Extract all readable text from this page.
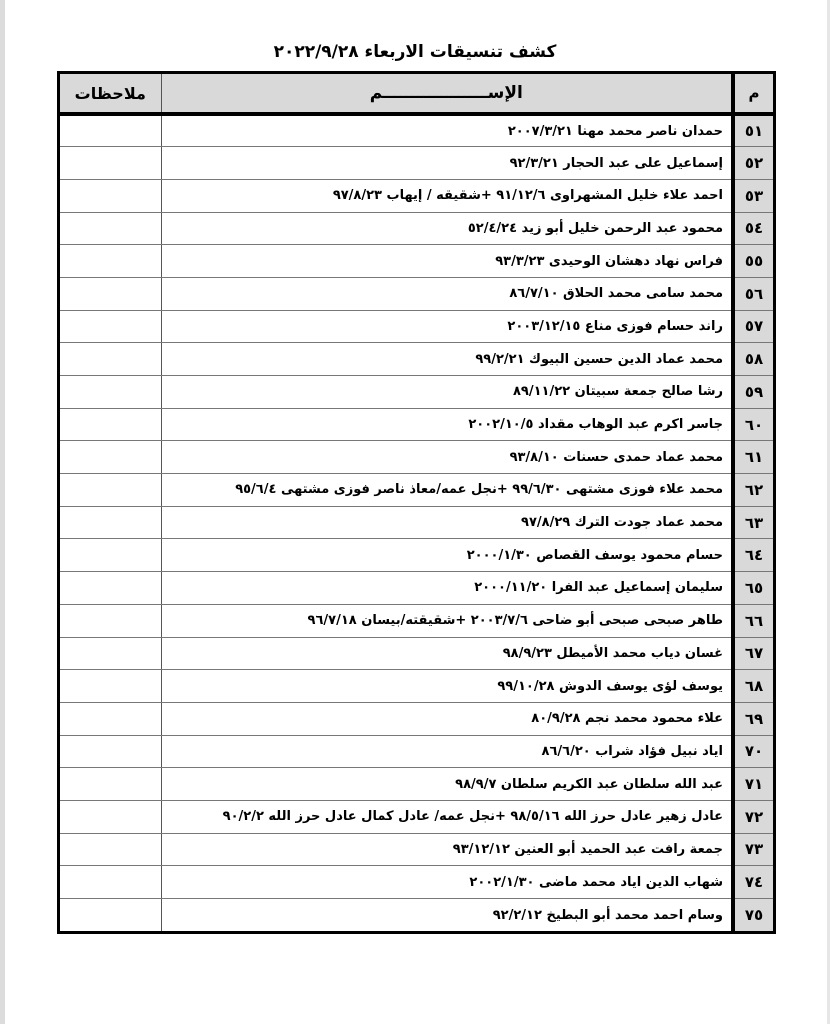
كشف تنسيقات الاربعاء ٢٠٢٢/٩/٢٨
م	الإســــــــــــــــــم	ملاحظات
٥١	حمدان ناصر محمد مهنا ٢٠٠٧/٣/٢١	
٥٢	إسماعيل على عبد الحجار ٩٢/٣/٢١	
٥٣	احمد علاء خليل المشهراوى ٩١/١٢/٦ +شقيقه / إيهاب ٩٧/٨/٢٣	
٥٤	محمود عبد الرحمن خليل أبو زيد ٥٢/٤/٢٤	
٥٥	فراس نهاد دهشان الوحيدى ٩٣/٣/٢٣	
٥٦	محمد سامى محمد الحلاق ٨٦/٧/١٠	
٥٧	راند حسام فوزى مناع ٢٠٠٣/١٢/١٥	
٥٨	محمد عماد الدين حسين البيوك ٩٩/٢/٢١	
٥٩	رشا صالح جمعة سبيتان ٨٩/١١/٢٢	
٦٠	جاسر اكرم عبد الوهاب مقداد ٢٠٠٢/١٠/٥	
٦١	محمد عماد حمدى حسنات ٩٣/٨/١٠	
٦٢	محمد علاء فوزى مشتهى ٩٩/٦/٣٠ +نجل عمه/معاذ ناصر فوزى مشتهى ٩٥/٦/٤	
٦٣	محمد عماد جودت الترك ٩٧/٨/٢٩	
٦٤	حسام محمود يوسف القصاص ٢٠٠٠/١/٣٠	
٦٥	سليمان إسماعيل عبد الفرا ٢٠٠٠/١١/٢٠	
٦٦	طاهر صبحى صبحى أبو ضاحى ٢٠٠٣/٧/٦ +شقيقته/بيسان ٩٦/٧/١٨	
٦٧	غسان دياب محمد الأميطل ٩٨/٩/٢٣	
٦٨	يوسف لؤى يوسف الدوش ٩٩/١٠/٢٨	
٦٩	علاء محمود محمد نجم ٨٠/٩/٢٨	
٧٠	اياد نبيل فؤاد شراب ٨٦/٦/٢٠	
٧١	عبد الله سلطان عبد الكريم سلطان ٩٨/٩/٧	
٧٢	عادل زهير عادل حرز الله ٩٨/٥/١٦ +نجل عمه/ عادل كمال عادل حرز الله ٩٠/٢/٢	
٧٣	جمعة رافت عبد الحميد أبو العنين ٩٣/١٢/١٢	
٧٤	شهاب الدين اياد محمد ماضى ٢٠٠٢/١/٣٠	
٧٥	وسام احمد محمد أبو البطيخ ٩٢/٢/١٢	
